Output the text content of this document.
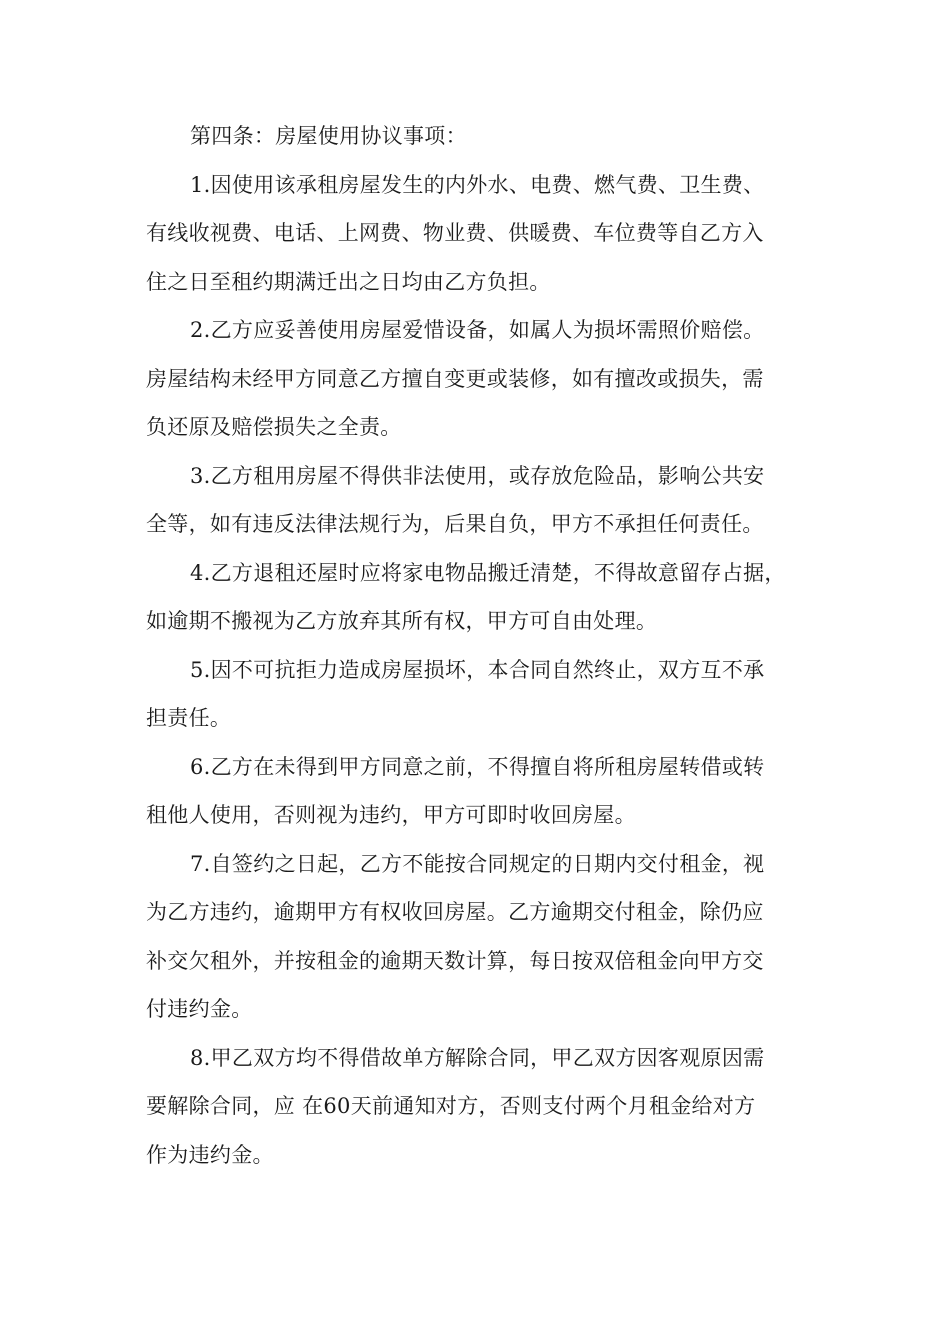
第四条：房屋使用协议事项：
1.因使用该承租房屋发生的内外水、电费、燃气费、卫生费、
有线收视费、电话、上网费、物业费、供暖费、车位费等自乙方入
住之日至租约期满迁出之日均由乙方负担。
2.乙方应妥善使用房屋爱惜设备，如属人为损坏需照价赔偿。
房屋结构未经甲方同意乙方擅自变更或装修，如有擅改或损失，需
负还原及赔偿损失之全责。
3.乙方租用房屋不得供非法使用，或存放危险品，影响公共安
全等，如有违反法律法规行为，后果自负，甲方不承担任何责任。
4.乙方退租还屋时应将家电物品搬迁清楚，不得故意留存占据，
如逾期不搬视为乙方放弃其所有权，甲方可自由处理。
5.因不可抗拒力造成房屋损坏，本合同自然终止，双方互不承
担责任。
6.乙方在未得到甲方同意之前，不得擅自将所租房屋转借或转
租他人使用，否则视为违约，甲方可即时收回房屋。
7.自签约之日起，乙方不能按合同规定的日期内交付租金，视
为乙方违约，逾期甲方有权收回房屋。乙方逾期交付租金，除仍应
补交欠租外，并按租金的逾期天数计算，每日按双倍租金向甲方交
付违约金。
8.甲乙双方均不得借故单方解除合同，甲乙双方因客观原因需
要解除合同，应 在60天前通知对方，否则支付两个月租金给对方
作为违约金。
